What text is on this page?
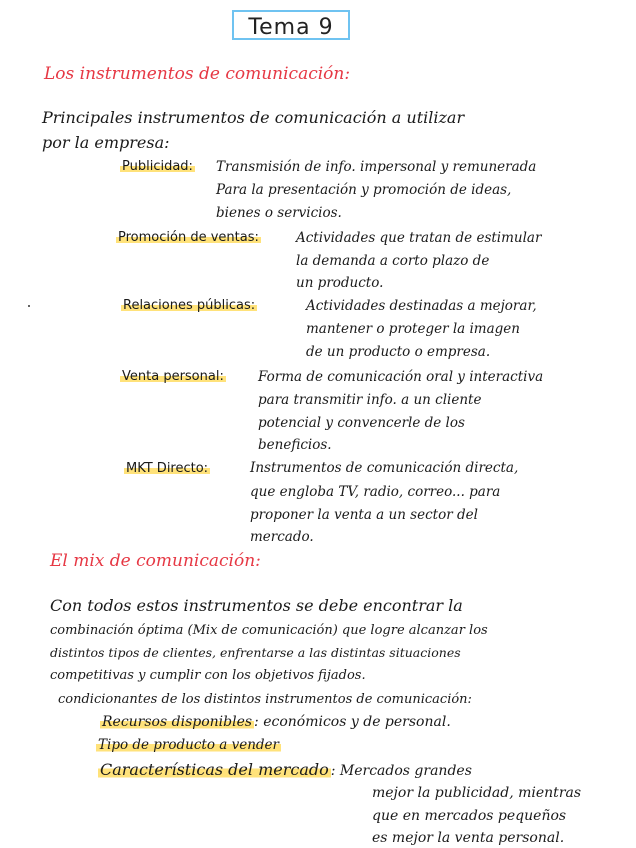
Tema 9
Los instrumentos de comunicación:
Principales instrumentos de comunicación a utilizar
por la empresa:
Publicidad: Transmisión de info. impersonal y remunerada
Para la presentación y promoción de ideas,
bienes o servicios.
Promoción de ventas:	Actividades que tratan de estimular
la demanda a corto plazo de
un producto.
Relaciones públicas:	Actividades destinadas a mejorar,
mantener o proteger la imagen
de un producto o empresa.
Venta personal:	Forma de comunicación oral y interactiva
para transmitir info. a un cliente
potencial y convencerle de los
beneficios.
MKT Directo:	Instrumentos de comunicación directa,
que engloba TV, radio, correo... para
proponer la venta a un sector del
mercado.
El mix de comunicación:
Con todos estos instrumentos se debe encontrar la
combinación óptima (Mix de comunicación) que logre alcanzar los
distintos tipos de clientes, enfrentarse a las distintas situaciones
competitivas y cumplir con los objetivos fijados.
condicionantes de los distintos instrumentos de comunicación:
Recursos disponibles : económicos y de personal.
Tipo de producto a vender
Características del mercado : Mercados grandes
mejor la publicidad, mientras
que en mercados pequeños
es mejor la venta personal.
